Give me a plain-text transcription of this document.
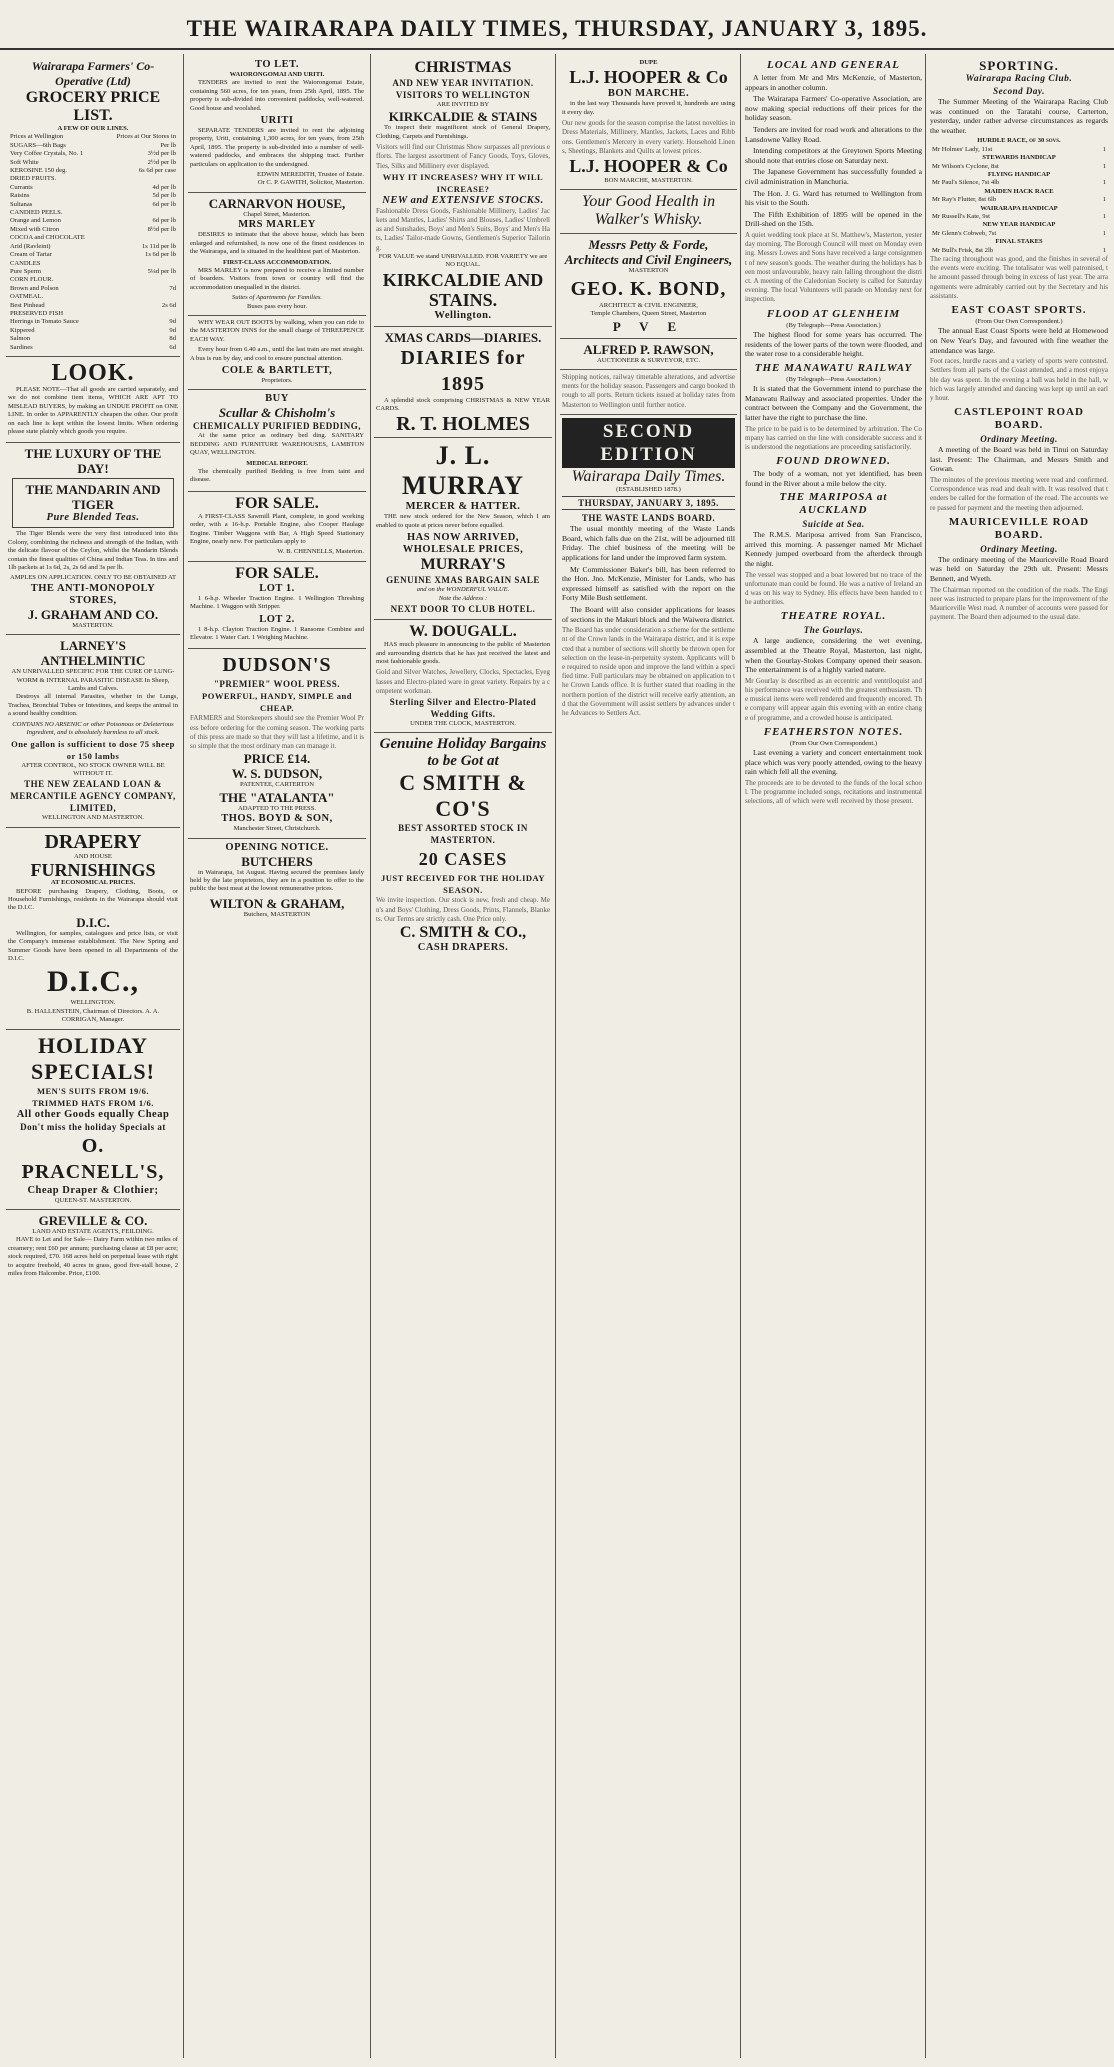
THE WAIRARAPA DAILY TIMES, THURSDAY, JANUARY 3, 1895.
Wairarapa Farmers' Co-Operative (Ltd)
GROCERY PRICE LIST.
A FEW OF OUR LINES.
Prices at Wellington	Prices at Our Stores in
SUGARS—6th Bags	Per lb
Very Coffee Crystals, No. 1	3½d per lb
Soft White	2½d per lb
KEROSINE 150 deg.	6s 6d per case
DRIED FRUITS.
Currants	4d per lb
Raisins	5d per lb
Sultanas	6d per lb
CANDIED PEELS.
Orange and Lemon	6d per lb
Mixed with Citron	8½d per lb
COCOA and CHOCOLATE
Arid (Ravleint)	1s 11d per lb
Cream of Tartar	1s 6d per lb
CANDLES
Pure Sperm	5¼d per lb
CORN FLOUR.
Brown and Polson	7d
OATMEAL.
Best Pinhead	2s 6d
PRESERVED FISH
Herrings in Tomato Sauce	9d
Kippered	9d
Salmon	8d
Sardines	6d
LOOK.
PLEASE NOTE—That all goods are carried separately, and we do not combine item items, WHICH ARE APT TO MISLEAD BUYERS, by making an UNDUE PROFIT on ONE LINE. In order to APPARENTLY cheapen the other. Our profit on each line is kept within the lowest limits. When ordering please state plainly which goods you require.
THE LUXURY OF THE DAY!
THE MANDARIN AND TIGER
Pure Blended Teas.
The Tiger Blends were the very first introduced into this Colony, combining the richness and strength of the Indian, with the delicate flavour of the Ceylon, whilst the Mandarin Blends contain the finest qualities of China and Indian Teas. In tins and 1lb packets at 1s 6d, 2s, 2s 6d and 3s per lb.
AMPLES ON APPLICATION. ONLY TO BE OBTAINED AT
THE ANTI-MONOPOLY STORES,
J. GRAHAM AND CO.
MASTERTON.
LARNEY'S ANTHELMINTIC
AN UNRIVALLED SPECIFIC FOR THE CURE OF LUNG-WORM & INTERNAL PARASITIC DISEASE In Sheep, Lambs and Calves.
Destroys all internal Parasites, whether in the Lungs, Trachea, Bronchial Tubes or Intestines, and keeps the animal in a sound healthy condition.
CONTAINS NO ARSENIC or other Poisonous or Deleterious Ingredient, and is absolutely harmless to all stock.
One gallon is sufficient to dose 75 sheep or 150 lambs
AFTER CONTROL, NO STOCK OWNER WILL BE WITHOUT IT.
THE NEW ZEALAND LOAN & MERCANTILE AGENCY COMPANY, LIMITED,
WELLINGTON AND MASTERTON.
DRAPERY
AND HOUSE
FURNISHINGS
AT ECONOMICAL PRICES.
BEFORE purchasing Drapery, Clothing, Boots, or Household Furnishings, residents in the Wairarapa should visit the D.I.C.
D.I.C.
Wellington, for samples, catalogues and price lists, or visit the Company's immense establishment. The New Spring and Summer Goods have been opened in all Departments of the D.I.C.
D.I.C.,
WELLINGTON.
B. HALLENSTEIN, Chairman of Directors. A. A. CORRIGAN, Manager.
HOLIDAY SPECIALS!
MEN'S SUITS FROM 19/6.
TRIMMED HATS FROM 1/6.
All other Goods equally Cheap
Don't miss the holiday Specials at
O. PRACNELL'S,
Cheap Draper & Clothier;
QUEEN-ST. MASTERTON.
GREVILLE & CO.
LAND AND ESTATE AGENTS, FEILDING.
HAVE to Let and for Sale— Dairy Farm within two miles of creamery; rent £60 per annum; purchasing clause at £8 per acre; stock required, £70. 168 acres held on perpetual lease with right to acquire freehold, 40 acres in grass, good five-stall house, 2 miles from Halcombe. Price, £100.
TO LET.
WAIORONGOMAI AND URITI.
TENDERS are invited to rent the Waiorongomai Estate, containing 560 acres, for ten years, from 25th April, 1895. The property is sub-divided into convenient paddocks, well-watered. Good house and woolshed.
URITI
SEPARATE TENDERS are invited to rent the adjoining property, Uriti, containing 1,300 acres, for ten years, from 25th April, 1895. The property is sub-divided into a number of well-watered paddocks, and embraces the shipping tract. Further particulars on application to the undersigned.
EDWIN MEREDITH, Trustee of Estate.
Or C. P. GAWITH, Solicitor, Masterton.
CARNARVON HOUSE,
Chapel Street, Masterton.
MRS MARLEY
DESIRES to intimate that the above house, which has been enlarged and refurnished, is now one of the finest residences in the Wairarapa, and is situated in the healthiest part of Masterton.
FIRST-CLASS ACCOMMODATION.
MRS MARLEY is now prepared to receive a limited number of boarders. Visitors from town or country will find the accommodation unequalled in the district.
Suites of Apartments for Families.
Buses pass every hour.
WHY WEAR OUT BOOTS by walking, when you can ride to the MASTERTON INNS for the small charge of THREEPENCE EACH WAY.
Every hour from 6.40 a.m., until the last train are met straight. A bus is run by day, and cool to ensure punctual attention.
COLE & BARTLETT,
Proprietors.
BUY
Scullar & Chisholm's
CHEMICALLY PURIFIED BEDDING,
At the same price as ordinary bed ding. SANITARY BEDDING AND FURNITURE WAREHOUSES, LAMBTON QUAY, WELLINGTON.
MEDICAL REPORT.
The chemically purified Bedding is free from taint and disease.
FOR SALE.
A FIRST-CLASS Sawmill Plant, complete, in good working order, with a 16-h.p. Portable Engine, also Cooper Haulage Engine. Timber Waggons with Bar, A High Speed Stationary Engine, nearly new. For particulars apply to
W. B. CHENNELLS, Masterton.
FOR SALE.
LOT 1.
1 6-h.p. Wheeler Traction Engine. 1 Wellington Threshing Machine. 1 Waggon with Stripper.
LOT 2.
1 8-h.p. Clayton Traction Engine. 1 Ransome Combine and Elevator. 1 Water Cart. 1 Weighing Machine.
DUDSON'S
"PREMIER" WOOL PRESS.
POWERFUL, HANDY, SIMPLE and CHEAP.
FARMERS and Storekeepers should see the Premier Wool Press before ordering for the coming season. The working parts of this press are made so that they will last a lifetime, and it is so simple that the most ordinary man can manage it.
PRICE £14.
W. S. DUDSON,
PATENTEE, CARTERTON
THE "ATALANTA"
ADAPTED TO THE PRESS.
THOS. BOYD & SON,
Manchester Street, Christchurch.
OPENING NOTICE.
BUTCHERS
in Wairarapa, 1st August. Having secured the premises lately held by the late proprietors, they are in a position to offer to the public the best meat at the lowest remunerative prices.
WILTON & GRAHAM,
Butchers, MASTERTON
CHRISTMAS
AND NEW YEAR INVITATION.
VISITORS TO WELLINGTON
ARE INVITED BY
KIRKCALDIE & STAINS
To inspect their magnificent stock of General Drapery, Clothing, Carpets and Furnishings.
Visitors will find our Christmas Show surpasses all previous efforts. The largest assortment of Fancy Goods, Toys, Gloves, Ties, Silks and Millinery ever displayed.
WHY IT INCREASES? WHY IT WILL INCREASE?
NEW and EXTENSIVE STOCKS.
Fashionable Dress Goods, Fashionable Millinery, Ladies' Jackets and Mantles, Ladies' Shirts and Blouses, Ladies' Umbrellas and Sunshades, Boys' and Men's Suits, Boys' and Men's Hats, Ladies' Tailor-made Gowns, Gentlemen's Superior Tailoring.
FOR VALUE we stand UNRIVALLED. FOR VARIETY we are NO EQUAL.
KIRKCALDIE AND STAINS.
Wellington.
XMAS CARDS—DIARIES.
DIARIES for 1895
A splendid stock comprising CHRISTMAS & NEW YEAR CARDS.
R. T. HOLMES
J. L. MURRAY
MERCER & HATTER.
THE new stock ordered for the New Season, which I am enabled to quote at prices never before equalled.
HAS NOW ARRIVED,
WHOLESALE PRICES,
MURRAY'S
GENUINE XMAS BARGAIN SALE
and on the WONDERFUL VALUE.
Note the Address :
NEXT DOOR TO CLUB HOTEL.
W. DOUGALL.
HAS much pleasure in announcing to the public of Masterton and surrounding districts that he has just received the latest and most fashionable goods.
Gold and Silver Watches, Jewellery, Clocks, Spectacles, Eyeglasses and Electro-plated ware in great variety. Repairs by a competent workman.
Sterling Silver and Electro-Plated Wedding Gifts.
UNDER THE CLOCK, MASTERTON.
Genuine Holiday Bargains to be Got at
C SMITH & CO'S
BEST ASSORTED STOCK IN MASTERTON.
20 CASES
JUST RECEIVED FOR THE HOLIDAY SEASON.
We invite inspection. Our stock is new, fresh and cheap. Men's and Boys' Clothing, Dress Goods, Prints, Flannels, Blankets. Our Terms are strictly cash. One Price only.
C. SMITH & CO.,
CASH DRAPERS.
DUPE
L.J. HOOPER & Co
BON MARCHE.
in the last way Thousands have proved it, hundreds are using it every day.
Our new goods for the season comprise the latest novelties in Dress Materials, Millinery, Mantles, Jackets, Laces and Ribbons. Gentlemen's Mercery in every variety. Household Linens, Sheetings, Blankets and Quilts at lowest prices.
L.J. HOOPER & Co
BON MARCHE, MASTERTON.
Your Good Health in Walker's Whisky.
Messrs Petty & Forde, Architects and Civil Engineers,
MASTERTON
GEO. K. BOND,
ARCHITECT & CIVIL ENGINEER,
Temple Chambers, Queen Street, Masterton
P V E
ALFRED P. RAWSON,
AUCTIONEER & SURVEYOR, ETC.
Shipping notices, railway timetable alterations, and advertisements for the holiday season. Passengers and cargo booked through to all ports. Return tickets issued at holiday rates from Masterton to Wellington until further notice.
SECOND EDITION
Wairarapa Daily Times.
(ESTABLISHED 1878.)
THURSDAY, JANUARY 3, 1895.
THE WASTE LANDS BOARD.
The usual monthly meeting of the Waste Lands Board, which falls due on the 21st, will be adjourned till Friday. The chief business of the meeting will be applications for land under the improved farm system.
Mr Commissioner Baker's bill, has been referred to the Hon. Jno. McKenzie, Minister for Lands, who has expressed himself as satisfied with the report on the Forty Mile Bush settlement.
The Board will also consider applications for leases of sections in the Makuri block and the Waiwera district.
The Board has under consideration a scheme for the settlement of the Crown lands in the Wairarapa district, and it is expected that a number of sections will shortly be thrown open for selection on the lease-in-perpetuity system. Applicants will be required to reside upon and improve the land within a specified time. Full particulars may be obtained on application to the Crown Lands office. It is further stated that roading in the northern portion of the district will receive early attention, and that the Government will assist settlers by advances under the Advances to Settlers Act.
LOCAL AND GENERAL
A letter from Mr and Mrs McKenzie, of Masterton, appears in another column.
The Wairarapa Farmers' Co-operative Association, are now making special reductions off their prices for the holiday season.
Tenders are invited for road work and alterations to the Lansdowne Valley Road.
Intending competitors at the Greytown Sports Meeting should note that entries close on Saturday next.
The Japanese Government has successfully founded a civil administration in Manchuria.
The Hon. J. G. Ward has returned to Wellington from his visit to the South.
The Fifth Exhibition of 1895 will be opened in the Drill-shed on the 15th.
A quiet wedding took place at St. Matthew's, Masterton, yesterday morning. The Borough Council will meet on Monday evening. Messrs Lowes and Sons have received a large consignment of new season's goods. The weather during the holidays has been most unfavourable, heavy rain falling throughout the district. A meeting of the Caledonian Society is called for Saturday evening. The local Volunteers will parade on Monday next for inspection.
FLOOD AT GLENHEIM
(By Telegraph—Press Association.)
The highest flood for some years has occurred. The residents of the lower parts of the town were flooded, and the water rose to a considerable height.
THE MANAWATU RAILWAY
(By Telegraph—Press Association.)
It is stated that the Government intend to purchase the Manawatu Railway and associated properties. Under the contract between the Company and the Government, the latter have the right to purchase the line.
The price to be paid is to be determined by arbitration. The Company has carried on the line with considerable success and it is understood the negotiations are proceeding satisfactorily.
FOUND DROWNED.
The body of a woman, not yet identified, has been found in the River about a mile below the city.
THE MARIPOSA at AUCKLAND
Suicide at Sea.
The R.M.S. Mariposa arrived from San Francisco, arrived this morning. A passenger named Mr Michael Kennedy jumped overboard from the afterdeck through the night.
The vessel was stopped and a boat lowered but no trace of the unfortunate man could be found. He was a native of Ireland and was on his way to Sydney. His effects have been handed to the authorities.
THEATRE ROYAL.
The Gourlays.
A large audience, considering the wet evening, assembled at the Theatre Royal, Masterton, last night, when the Gourlay-Stokes Company opened their season. The entertainment is of a highly varied nature.
Mr Gourlay is described as an eccentric and ventriloquist and his performance was received with the greatest enthusiasm. The musical items were well rendered and frequently encored. The company will appear again this evening with an entire change of programme, and a crowded house is anticipated.
FEATHERSTON NOTES.
(From Our Own Correspondent.)
Last evening a variety and concert entertainment took place which was very poorly attended, owing to the heavy rain which fell all the evening.
The proceeds are to be devoted to the funds of the local school. The programme included songs, recitations and instrumental selections, all of which were well received by those present.
SPORTING.
Wairarapa Racing Club.
Second Day.
The Summer Meeting of the Wairarapa Racing Club was continued on the Taratahi course, Carterton, yesterday, under rather adverse circumstances as regards the weather.
HURDLE RACE, of 30 sovs.
Mr Holmes' Lady, 11st	1
STEWARDS HANDICAP
Mr Wilson's Cyclone, 8st	1
FLYING HANDICAP
Mr Paul's Silence, 7st 4lb	1
MAIDEN HACK RACE
Mr Ray's Flutter, 8st 6lb	1
WAIRARAPA HANDICAP
Mr Russell's Kate, 9st	1
NEW YEAR HANDICAP
Mr Glenn's Cobweb, 7st	1
FINAL STAKES
Mr Bull's Frisk, 8st 2lb	1
The racing throughout was good, and the finishes in several of the events were exciting. The totalisator was well patronised, the amount passed through being in excess of last year. The arrangements were admirably carried out by the Secretary and his assistants.
EAST COAST SPORTS.
(From Our Own Correspondent.)
The annual East Coast Sports were held at Homewood on New Year's Day, and favoured with fine weather the attendance was large.
Foot races, hurdle races and a variety of sports were contested. Settlers from all parts of the Coast attended, and a most enjoyable day was spent. In the evening a ball was held in the hall, which was largely attended and dancing was kept up until an early hour.
CASTLEPOINT ROAD BOARD.
Ordinary Meeting.
A meeting of the Board was held in Tinui on Saturday last. Present: The Chairman, and Messrs Smith and Gowan.
The minutes of the previous meeting were read and confirmed. Correspondence was read and dealt with. It was resolved that tenders be called for the formation of the road. The accounts were passed for payment and the meeting then adjourned.
MAURICEVILLE ROAD BOARD.
Ordinary Meeting.
The ordinary meeting of the Mauriceville Road Board was held on Saturday the 29th ult. Present: Messrs Bennett, and Wyeth.
The Chairman reported on the condition of the roads. The Engineer was instructed to prepare plans for the improvement of the Mauriceville West road. A number of accounts were passed for payment. The Board then adjourned to the usual date.
